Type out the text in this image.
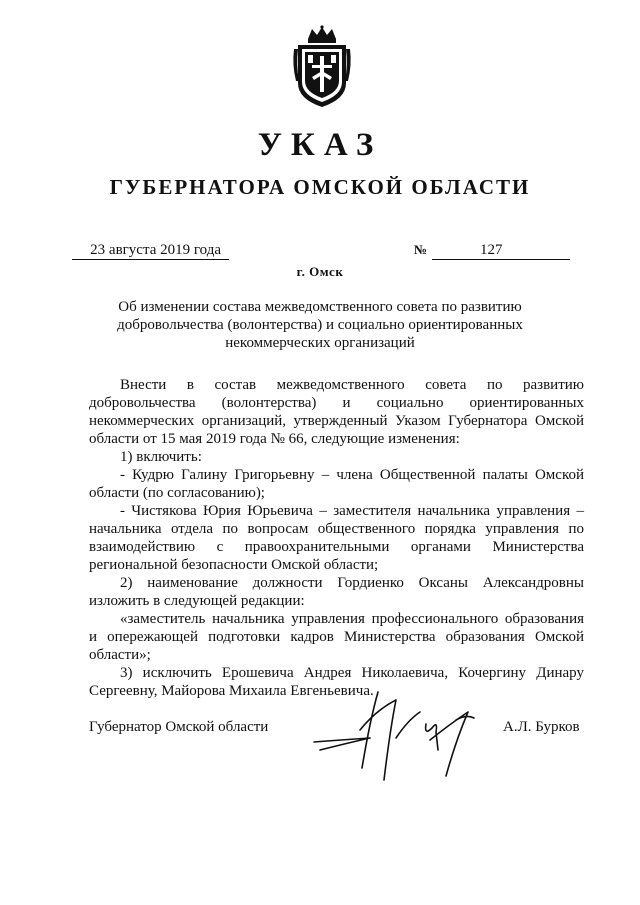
УКАЗ
ГУБЕРНАТОРА ОМСКОЙ ОБЛАСТИ
23 августа 2019 года	№	127
г. Омск
Об изменении состава межведомственного совета по развитию
добровольчества (волонтерства) и социально ориентированных
некоммерческих организаций

Внести в состав межведомственного совета по развитию

добровольчества (волонтерства) и социально ориентированных

некоммерческих организаций, утвержденный Указом Губернатора Омской

области от 15 мая 2019 года № 66, следующие изменения:

1) включить:

- Кудрю Галину Григорьевну – члена Общественной палаты Омской области (по согласованию);

- Чистякова Юрия Юрьевича – заместителя начальника управления – начальника отдела по вопросам общественного порядка управления по взаимодействию с правоохранительными органами Министерства региональной безопасности Омской области;

2) наименование должности Гордиенко Оксаны Александровны изложить в следующей редакции:

«заместитель начальника управления профессионального образования и опережающей подготовки кадров Министерства образования Омской области»;

3) исключить Ерошевича Андрея Николаевича, Кочергину Динару Сергеевну, Майорова Михаила Евгеньевича.

Губернатор Омской области	А.Л. Бурков
